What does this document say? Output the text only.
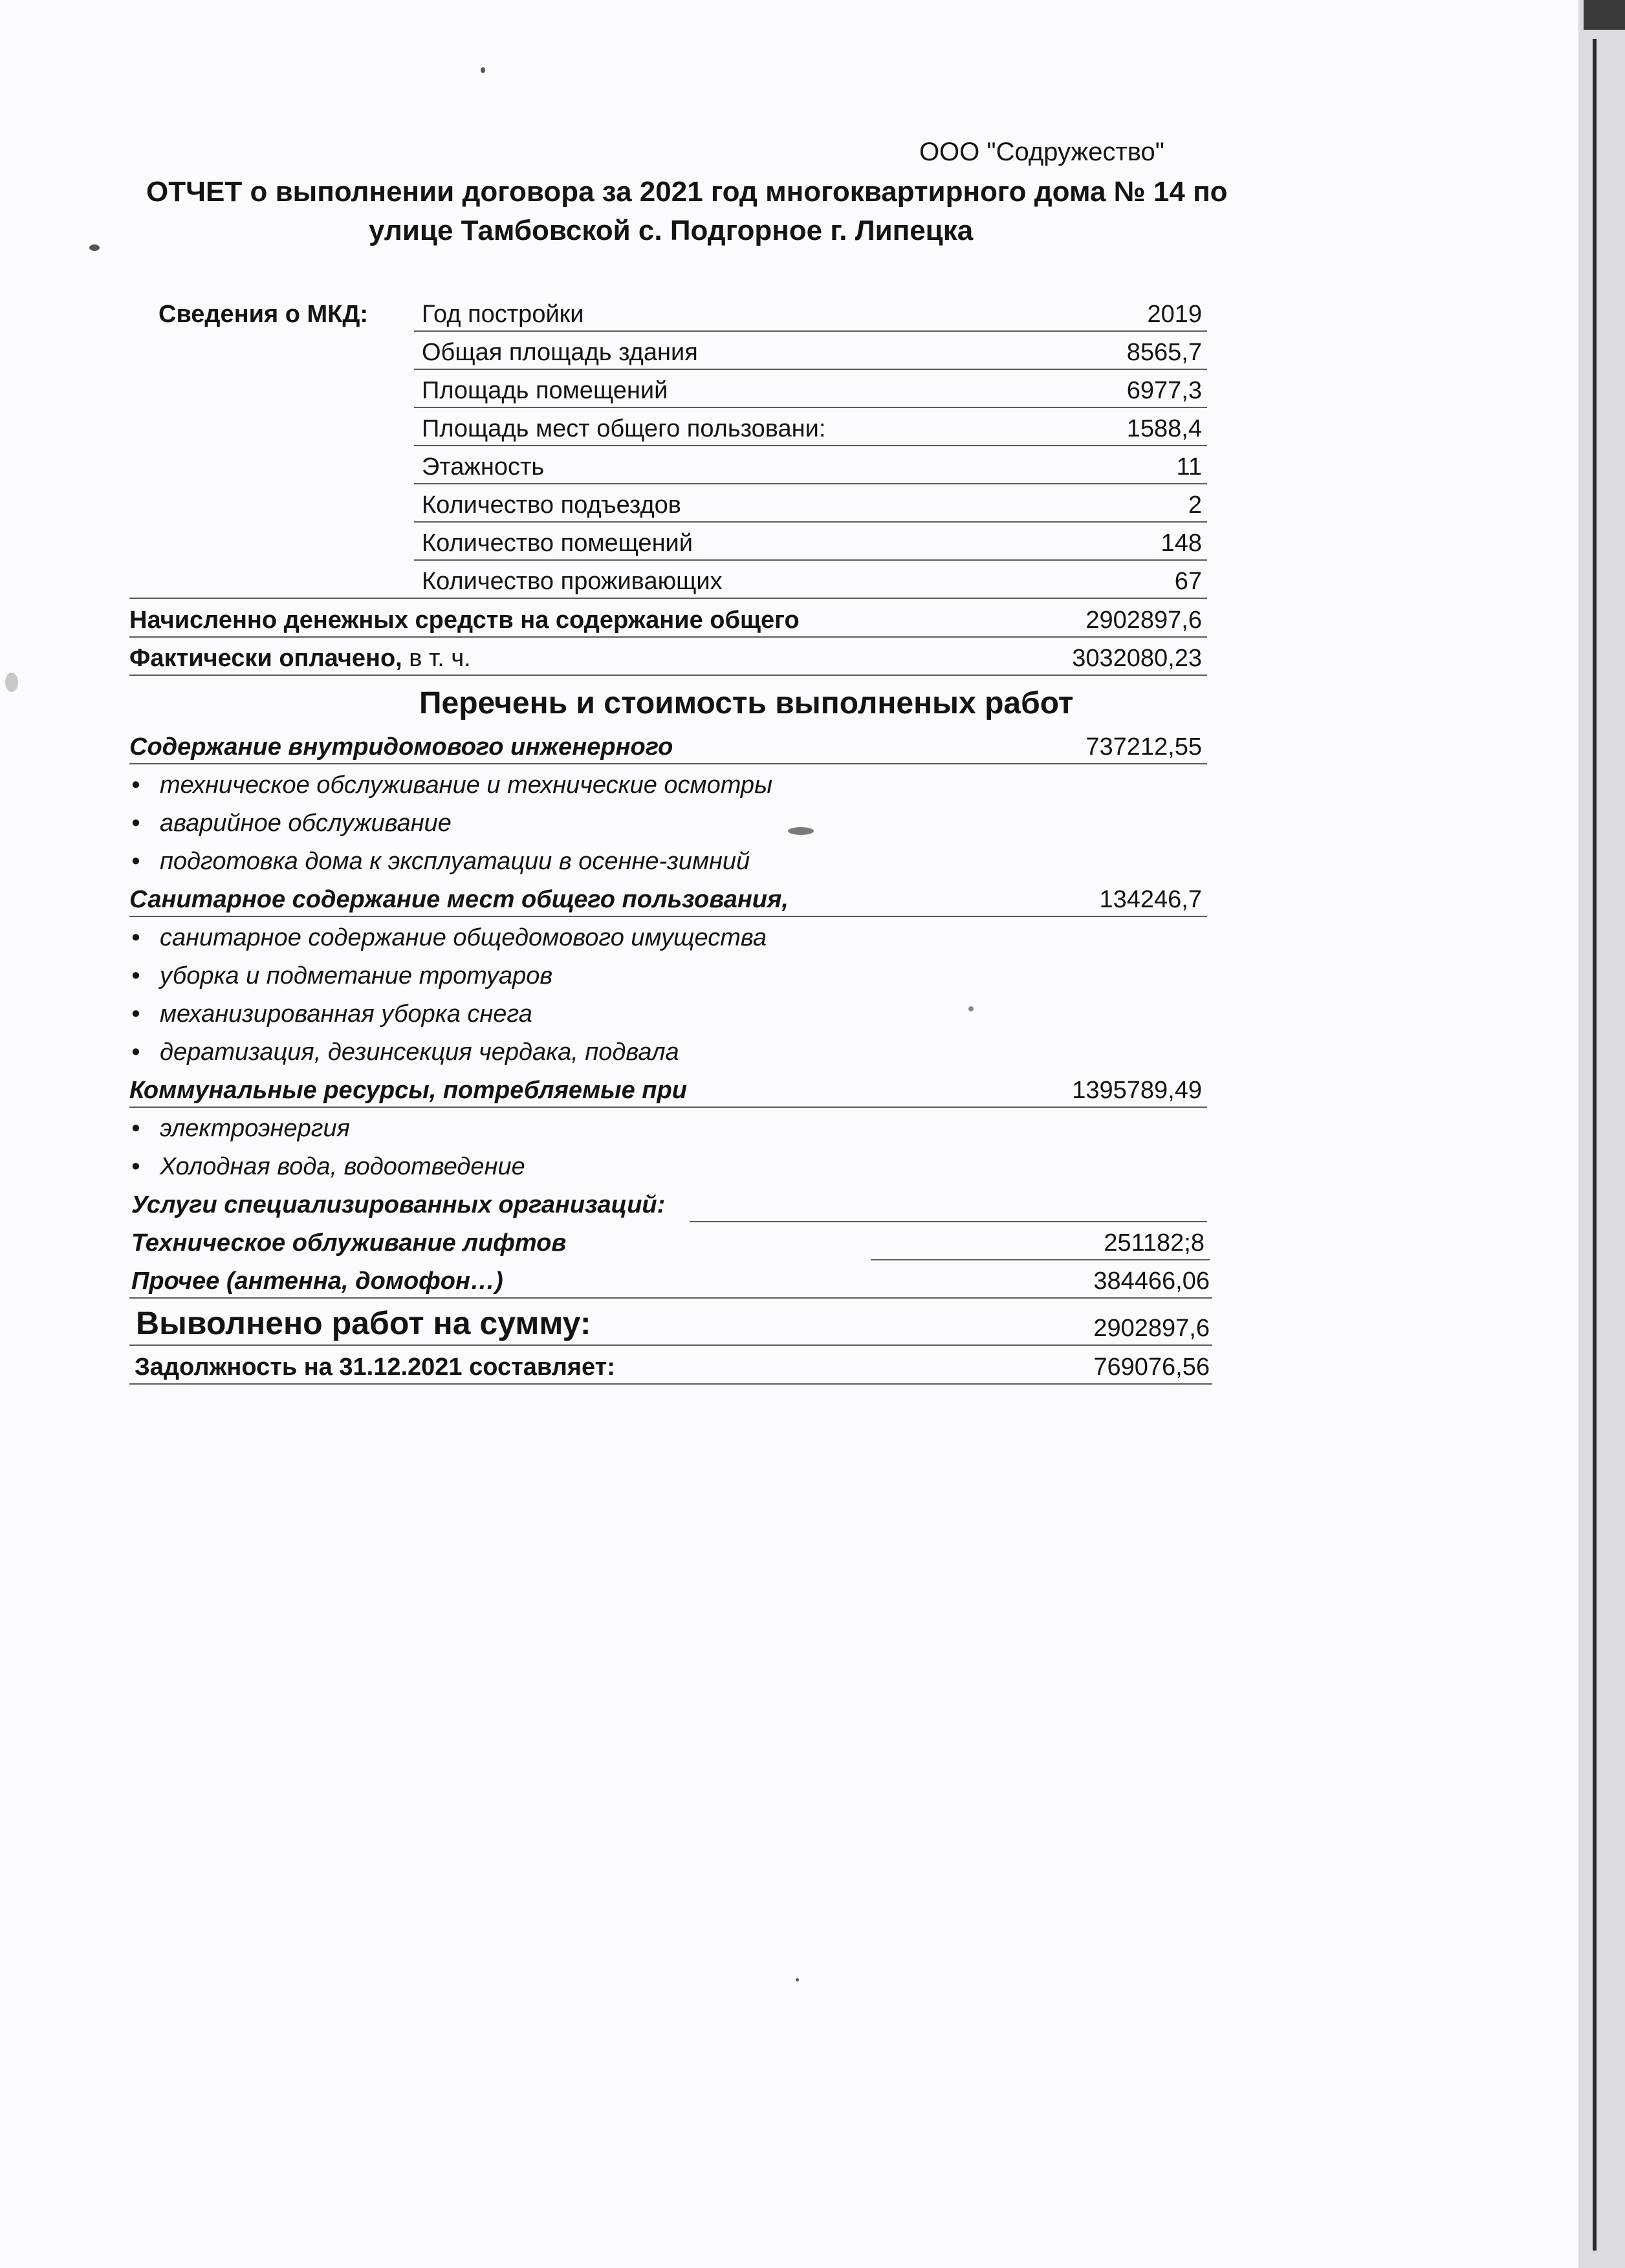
ООО "Содружество"
ОТЧЕТ о выполнении договора за 2021 год многоквартирного дома № 14 по
улице Тамбовской с. Подгорное г. Липецка
Сведения о МКД: Год постройки	2019
Общая площадь здания	8565,7
Площадь помещений	6977,3
Площадь мест общего пользовани:	1588,4
Этажность	11
Количество подъездов	2
Количество помещений	148
Количество проживающих	67
Начисленно денежных средств на содержание общего	2902897,6
Фактически оплачено, в т. ч.	3032080,23
Перечень и стоимость выполненых работ
Содержание внутридомового инженерного	737212,55
• техническое обслуживание и технические осмотры
• аварийное обслуживание
• подготовка дома к эксплуатации в осенне-зимний
Санитарное содержание мест общего пользования,	134246,7
• санитарное содержание общедомового имущества
• уборка и подметание тротуаров
• механизированная уборка снега
• дератизация, дезинсекция чердака, подвала
Коммунальные ресурсы, потребляемые при	1395789,49
• электроэнергия
• Холодная вода, водоотведение
Услуги специализированных организаций:
Техническое облуживание лифтов	251182;8
Прочее (антенна, домофон…)	384466,06
Выволнено работ на сумму:	2902897,6
Задолжность на 31.12.2021 составляет:	769076,56
